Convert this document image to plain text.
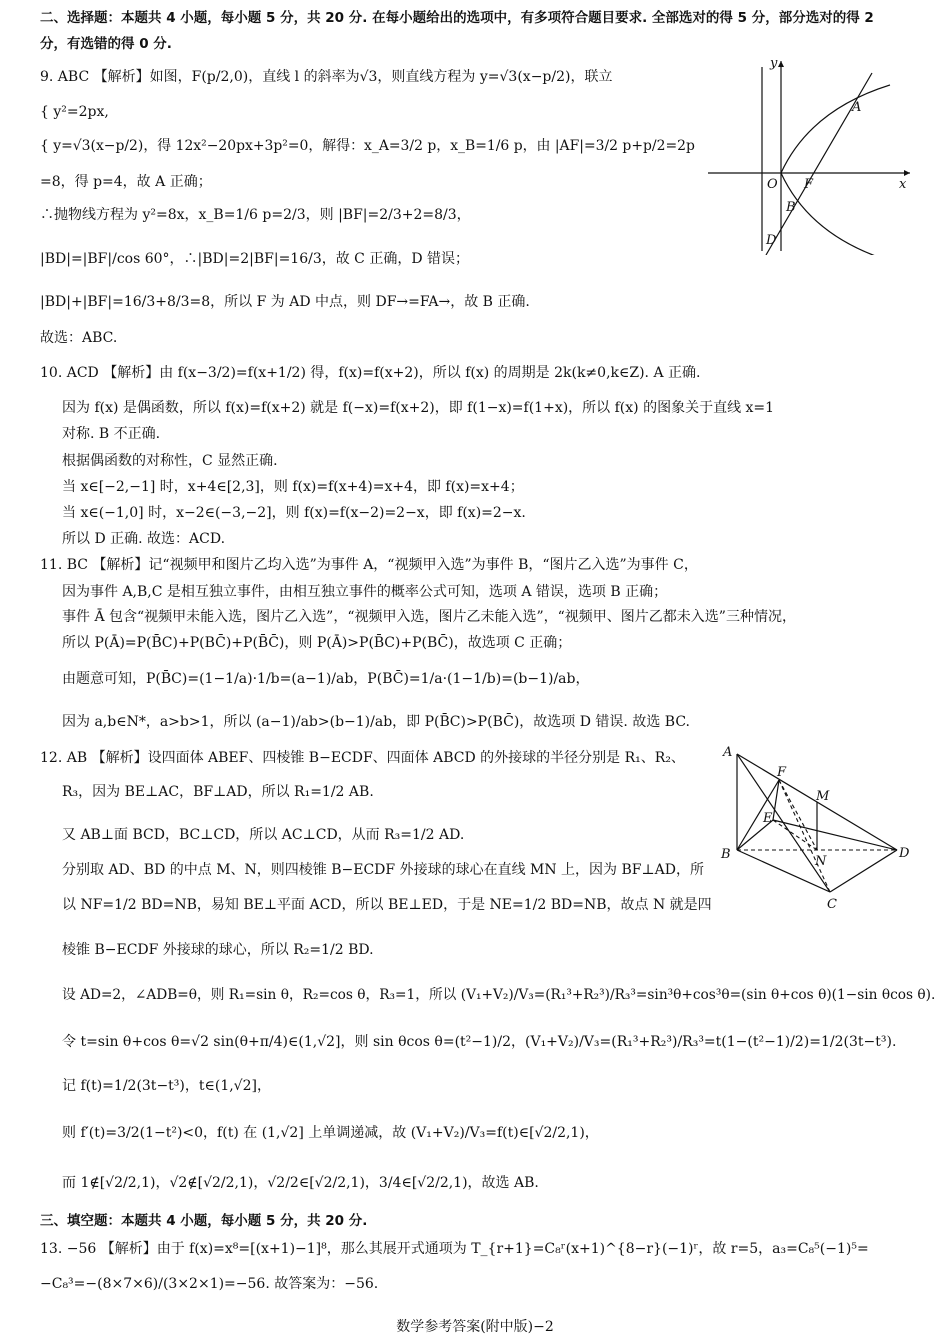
二、选择题：本题共 4 小题，每小题 5 分，共 20 分. 在每小题给出的选项中，有多项符合题目要求. 全部选对的得 5 分，部分选对的得 2
分，有选错的得 0 分.
9. ABC 【解析】如图，F(p/2,0)，直线 l 的斜率为√3，则直线方程为 y=√3(x−p/2)，联立
{ y²=2px,
{ y=√3(x−p/2)，得 12x²−20px+3p²=0，解得：x_A=3/2 p，x_B=1/6 p，由 |AF|=3/2 p+p/2=2p
=8，得 p=4，故 A 正确；
∴抛物线方程为 y²=8x，x_B=1/6 p=2/3，则 |BF|=2/3+2=8/3，
|BD|=|BF|/cos 60°，∴|BD|=2|BF|=16/3，故 C 正确，D 错误；
|BD|+|BF|=16/3+8/3=8，所以 F 为 AD 中点，则 DF→=FA→，故 B 正确.
故选：ABC.
y
A
O F	x
B
D
10. ACD 【解析】由 f(x−3/2)=f(x+1/2) 得，f(x)=f(x+2)，所以 f(x) 的周期是 2k(k≠0,k∈Z). A 正确.
因为 f(x) 是偶函数，所以 f(x)=f(x+2) 就是 f(−x)=f(x+2)，即 f(1−x)=f(1+x)，所以 f(x) 的图象关于直线 x=1
对称. B 不正确.
根据偶函数的对称性，C 显然正确.
当 x∈[−2,−1] 时，x+4∈[2,3]，则 f(x)=f(x+4)=x+4，即 f(x)=x+4；
当 x∈(−1,0] 时，x−2∈(−3,−2]，则 f(x)=f(x−2)=2−x，即 f(x)=2−x.
所以 D 正确. 故选：ACD.
11. BC 【解析】记“视频甲和图片乙均入选”为事件 A，“视频甲入选”为事件 B，“图片乙入选”为事件 C，
因为事件 A,B,C 是相互独立事件，由相互独立事件的概率公式可知，选项 A 错误，选项 B 正确；
事件 Ā 包含“视频甲未能入选，图片乙入选”，“视频甲入选，图片乙未能入选”，“视频甲、图片乙都未入选”三种情况，
所以 P(Ā)=P(B̄C)+P(BC̄)+P(B̄C̄)，则 P(Ā)>P(B̄C)+P(BC̄)，故选项 C 正确；
由题意可知，P(B̄C)=(1−1/a)·1/b=(a−1)/ab，P(BC̄)=1/a·(1−1/b)=(b−1)/ab，
因为 a,b∈N*，a>b>1，所以 (a−1)/ab>(b−1)/ab，即 P(B̄C)>P(BC̄)，故选项 D 错误. 故选 BC.
12. AB 【解析】设四面体 ABEF、四棱锥 B−ECDF、四面体 ABCD 的外接球的半径分别是 R₁、R₂、
R₃，因为 BE⊥AC，BF⊥AD，所以 R₁=1/2 AB.
又 AB⊥面 BCD，BC⊥CD，所以 AC⊥CD，从而 R₃=1/2 AD.
分别取 AD、BD 的中点 M、N，则四棱锥 B−ECDF 外接球的球心在直线 MN 上，因为 BF⊥AD，所
以 NF=1/2 BD=NB，易知 BE⊥平面 ACD，所以 BE⊥ED，于是 NE=1/2 BD=NB，故点 N 就是四
棱锥 B−ECDF 外接球的球心，所以 R₂=1/2 BD.
设 AD=2，∠ADB=θ，则 R₁=sin θ，R₂=cos θ，R₃=1，所以 (V₁+V₂)/V₃=(R₁³+R₂³)/R₃³=sin³θ+cos³θ=(sin θ+cos θ)(1−sin θcos θ).
令 t=sin θ+cos θ=√2 sin(θ+π/4)∈(1,√2]，则 sin θcos θ=(t²−1)/2，(V₁+V₂)/V₃=(R₁³+R₂³)/R₃³=t(1−(t²−1)/2)=1/2(3t−t³).
记 f(t)=1/2(3t−t³)，t∈(1,√2]，
则 f′(t)=3/2(1−t²)<0，f(t) 在 (1,√2] 上单调递减，故 (V₁+V₂)/V₃=f(t)∈[√2/2,1)，
而 1∉[√2/2,1)，√2∉[√2/2,1)，√2/2∈[√2/2,1)，3/4∈[√2/2,1)，故选 AB.
A
F
M
E
B	N
D
C
三、填空题：本题共 4 小题，每小题 5 分，共 20 分.
13. −56 【解析】由于 f(x)=x⁸=[(x+1)−1]⁸，那么其展开式通项为 T_{r+1}=C₈ʳ(x+1)^{8−r}(−1)ʳ，故 r=5，a₃=C₈⁵(−1)⁵=
−C₈³=−(8×7×6)/(3×2×1)=−56. 故答案为：−56.
数学参考答案(附中版)−2
